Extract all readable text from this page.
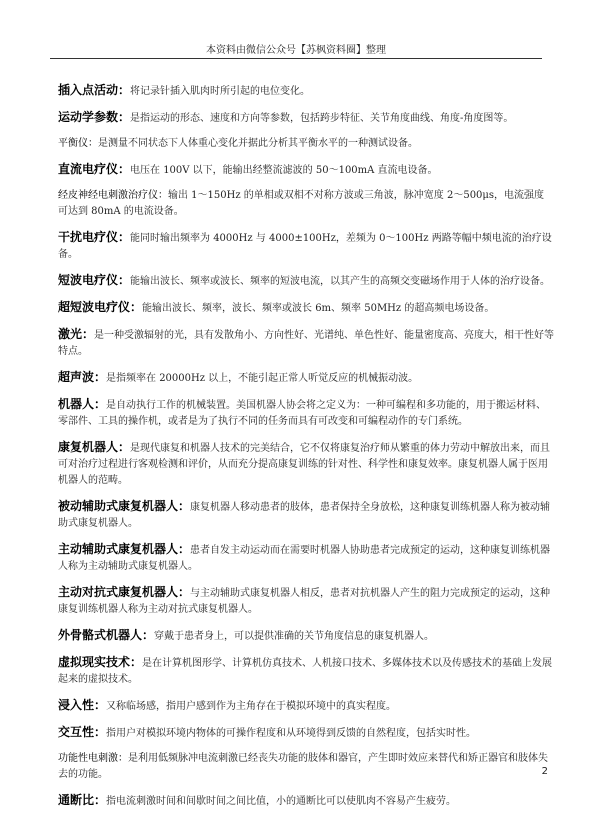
本资料由微信公众号【苏枫资料圈】整理
插入点活动：将记录针插入肌肉时所引起的电位变化。
运动学参数：是指运动的形态、速度和方向等参数，包括跨步特征、关节角度曲线、角度-角度图等。
平衡仪：是测量不同状态下人体重心变化并据此分析其平衡水平的一种测试设备。
直流电疗仪：电压在 100V 以下，能输出经整流滤波的 50～100mA 直流电设备。
经皮神经电刺激治疗仪：输出 1～150Hz 的单相或双相不对称方波或三角波，脉冲宽度 2～500μs，电流强度可达到 80mA 的电流设备。
干扰电疗仪：能同时输出频率为 4000Hz 与 4000±100Hz，差频为 0～100Hz 两路等幅中频电流的治疗设备。
短波电疗仪：能输出波长、频率或波长、频率的短波电流，以其产生的高频交变磁场作用于人体的治疗设备。
超短波电疗仪：能输出波长、频率，波长、频率或波长 6m、频率 50MHz 的超高频电场设备。
激光：是一种受激辐射的光，具有发散角小、方向性好、光谱纯、单色性好、能量密度高、亮度大，相干性好等特点。
超声波：是指频率在 20000Hz 以上，不能引起正常人听觉反应的机械振动波。
机器人：是自动执行工作的机械装置。美国机器人协会将之定义为：一种可编程和多功能的，用于搬运材料、零部件、工具的操作机，或者是为了执行不同的任务而具有可改变和可编程动作的专门系统。
康复机器人：是现代康复和机器人技术的完美结合，它不仅将康复治疗师从繁重的体力劳动中解放出来，而且可对治疗过程进行客观检测和评价，从而充分提高康复训练的针对性、科学性和康复效率。康复机器人属于医用机器人的范畴。
被动辅助式康复机器人：康复机器人移动患者的肢体，患者保持全身放松，这种康复训练机器人称为被动辅助式康复机器人。
主动辅助式康复机器人：患者自发主动运动而在需要时机器人协助患者完成预定的运动，这种康复训练机器人称为主动辅助式康复机器人。
主动对抗式康复机器人：与主动辅助式康复机器人相反，患者对抗机器人产生的阻力完成预定的运动，这种康复训练机器人称为主动对抗式康复机器人。
外骨骼式机器人：穿戴于患者身上，可以提供准确的关节角度信息的康复机器人。
虚拟现实技术：是在计算机图形学、计算机仿真技术、人机接口技术、多媒体技术以及传感技术的基础上发展起来的虚拟技术。
浸入性：又称临场感，指用户感到作为主角存在于模拟环境中的真实程度。
交互性：指用户对模拟环境内物体的可操作程度和从环境得到反馈的自然程度，包括实时性。
功能性电刺激：是利用低频脉冲电流刺激已经丧失功能的肢体和器官，产生即时效应来替代和矫正器官和肢体失去的功能。
通断比：指电流刺激时间和间歇时间之间比值，小的通断比可以使肌肉不容易产生疲劳。
2
